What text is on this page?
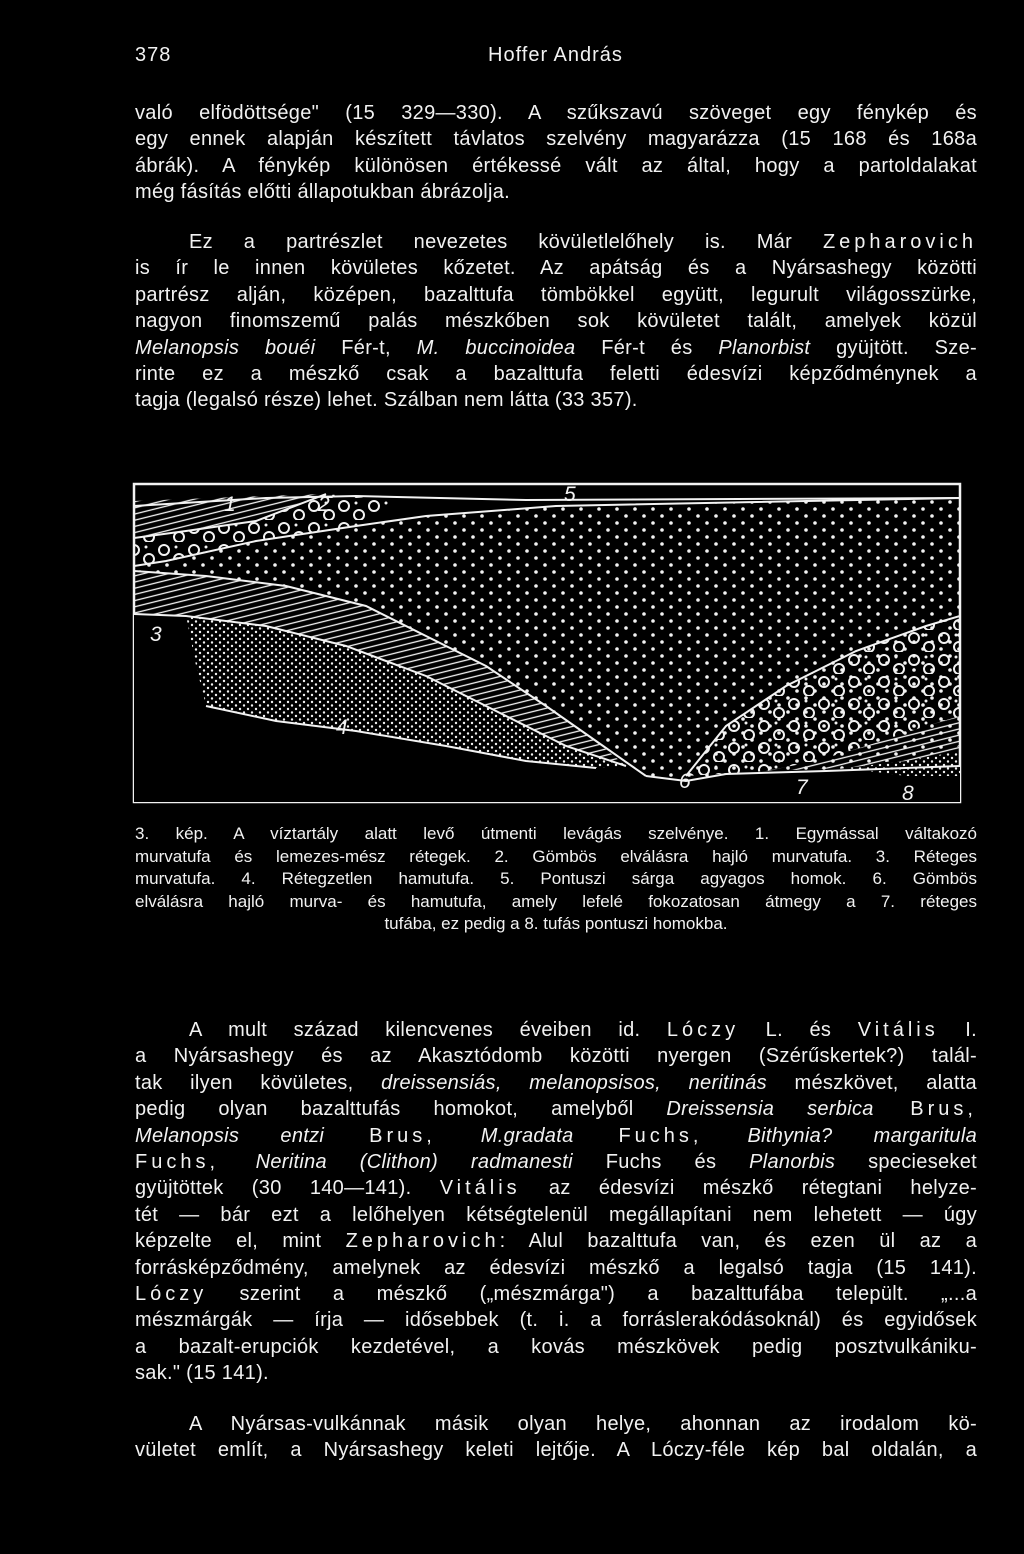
378	Hoffer András

való elfödöttsége" (15 329—330). A szűkszavú szöveget egy fénykép és
egy ennek alapján készített távlatos szelvény magyarázza (15 168 és 168a
ábrák). A fénykép különösen értékessé vált az által, hogy a partoldalakat
még fásítás előtti állapotukban ábrázolja.

Ez a partrészlet nevezetes kövületlelőhely is. Már Zepharovich
is ír le innen kövületes kőzetet. Az apátság és a Nyársashegy közötti
partrész alján, középen, bazalttufa tömbökkel együtt, legurult világosszürke,
nagyon finomszemű palás mészkőben sok kövületet talált, amelyek közül
Melanopsis bouéi Fér-t, M. buccinoidea Fér-t és Planorbist gyüjtött. Sze-
rinte ez a mészkő csak a bazalttufa feletti édesvízi képződménynek a
tagja (legalsó része) lehet. Szálban nem látta (33 357).

1	2	5
3
4
6	7	8

3. kép. A víztartály alatt levő útmenti levágás szelvénye. 1. Egymással váltakozó
murvatufa és lemezes-mész rétegek. 2. Gömbös elválásra hajló murvatufa. 3. Réteges
murvatufa. 4. Rétegzetlen hamutufa. 5. Pontuszi sárga agyagos homok. 6. Gömbös
elválásra hajló murva- és hamutufa, amely lefelé fokozatosan átmegy a 7. réteges
tufába, ez pedig a 8. tufás pontuszi homokba.

A mult század kilencvenes éveiben id. Lóczy L. és Vitális I.
a Nyársashegy és az Akasztódomb közötti nyergen (Szérűskertek?) talál-
tak ilyen kövületes, dreissensiás, melanopsisos, neritinás mészkövet, alatta
pedig olyan bazalttufás homokot, amelyből Dreissensia serbica Brus,
Melanopsis entzi Brus, M.gradata Fuchs, Bithynia? margaritula
Fuchs, Neritina (Clithon) radmanesti Fuchs és Planorbis specieseket
gyüjtöttek (30 140—141). Vitális az édesvízi mészkő rétegtani helyze-
tét — bár ezt a lelőhelyen kétségtelenül megállapítani nem lehetett — úgy
képzelte el, mint Zepharovich: Alul bazalttufa van, és ezen ül az a
forrásképződmény, amelynek az édesvízi mészkő a legalsó tagja (15 141).
Lóczy szerint a mészkő („mészmárga") a bazalttufába települt. „...a
mészmárgák — írja — idősebbek (t. i. a forráslerakódásoknál) és egyidősek
a bazalt-erupciók kezdetével, a kovás mészkövek pedig posztvulkániku-
sak." (15 141).

A Nyársas-vulkánnak másik olyan helye, ahonnan az irodalom kö-
vületet említ, a Nyársashegy keleti lejtője. A Lóczy-féle kép bal oldalán, a
